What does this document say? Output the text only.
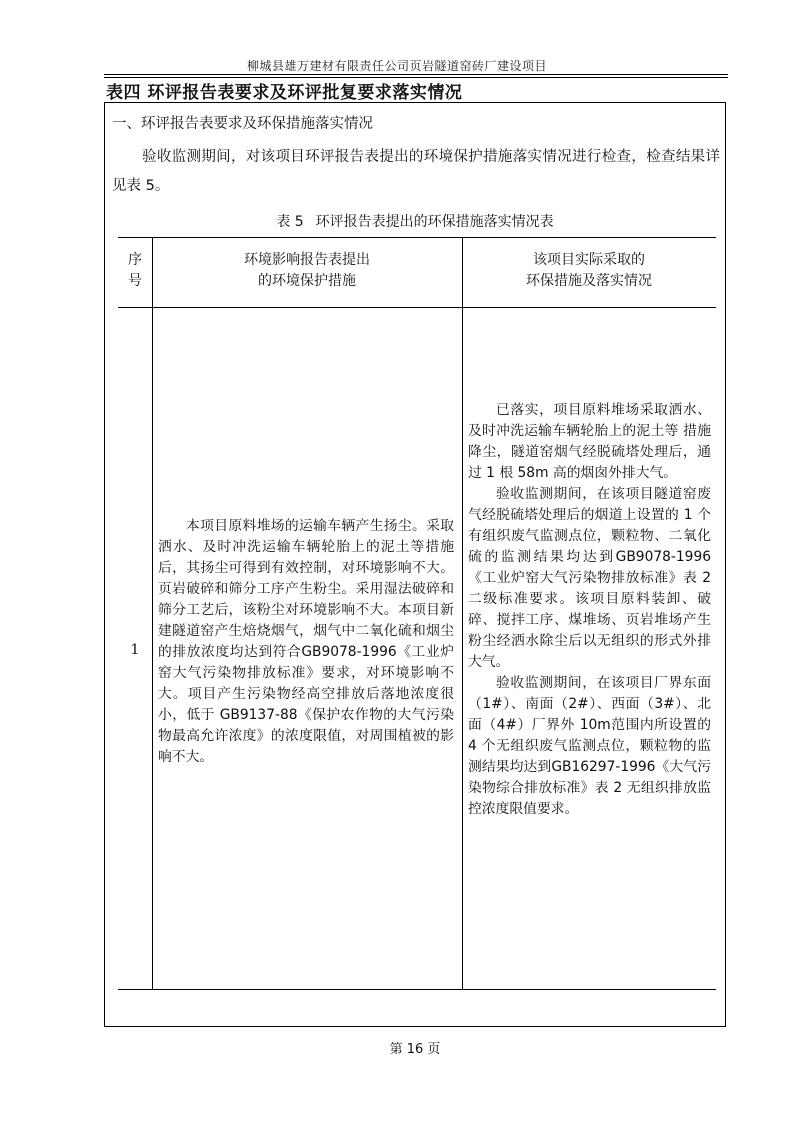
柳城县雄万建材有限责任公司页岩隧道窑砖厂建设项目
表四 环评报告表要求及环评批复要求落实情况
一、环评报告表要求及环保措施落实情况
验收监测期间，对该项目环评报告表提出的环境保护措施落实情况进行检查，检查结果详见表 5。
表 5 环评报告表提出的环保措施落实情况表
序
号
环境影响报告表提出
的环境保护措施
该项目实际采取的
环保措施及落实情况
1

本项目原料堆场的运输车辆产生扬尘。采取洒水、及时冲洗运输车辆轮胎上的泥土等措施后，其扬尘可得到有效控制，对环境影响不大。页岩破碎和筛分工序产生粉尘。采用湿法破碎和筛分工艺后，该粉尘对环境影响不大。本项目新建隧道窑产生焙烧烟气，烟气中二氧化硫和烟尘的排放浓度均达到符合GB9078-1996《工业炉窑大气污染物排放标准》要求，对环境影响不大。项目产生污染物经高空排放后落地浓度很小，低于 GB9137-88《保护农作物的大气污染物最高允许浓度》的浓度限值，对周围植被的影响不大。

已落实，项目原料堆场采取洒水、及时冲洗运输车辆轮胎上的泥土等 措施降尘，隧道窑烟气经脱硫塔处理后，通过 1 根 58m 高的烟囱外排大气。

验收监测期间，在该项目隧道窑废气经脱硫塔处理后的烟道上设置的 1 个有组织废气监测点位，颗粒物、二氧化硫的监测结果均达到GB9078-1996《工业炉窑大气污染物排放标准》表 2 二级标准要求。该项目原料装卸、破碎、搅拌工序、煤堆场、页岩堆场产生粉尘经洒水除尘后以无组织的形式外排大气。

验收监测期间，在该项目厂界东面（1#）、南面（2#）、西面（3#）、北面（4#）厂界外 10m范围内所设置的 4 个无组织废气监测点位，颗粒物的监测结果均达到GB16297-1996《大气污染物综合排放标准》表 2 无组织排放监控浓度限值要求。

第 16 页
